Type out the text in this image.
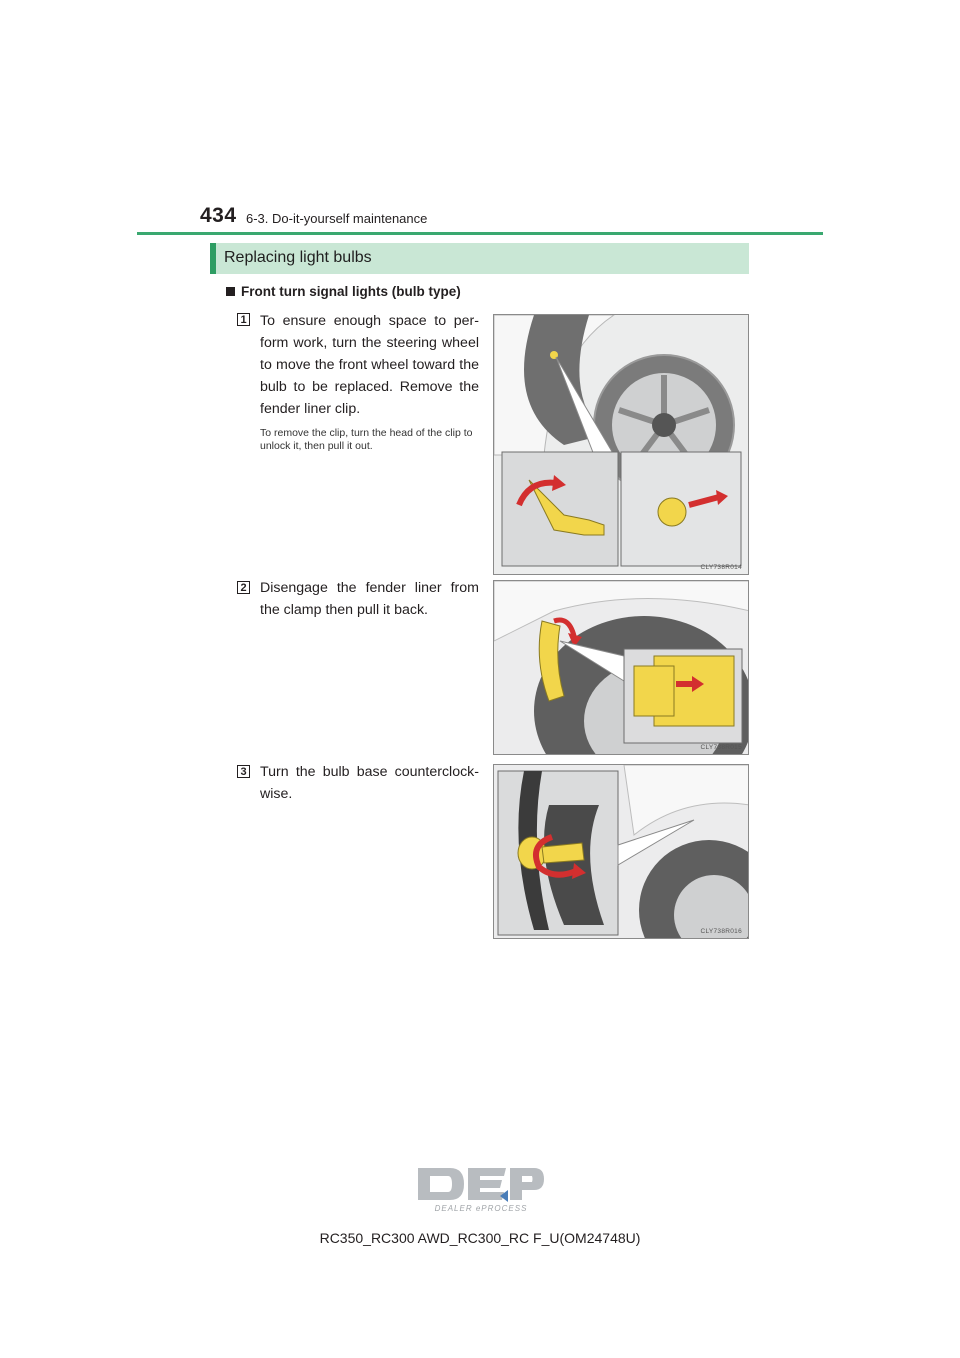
434 6-3. Do-it-yourself maintenance
Replacing light bulbs
Front turn signal lights (bulb type)
1 To ensure enough space to per-form work, turn the steering wheel to move the front wheel toward the bulb to be replaced. Remove the fender liner clip.
To remove the clip, turn the head of the clip to unlock it, then pull it out.
CLY738R014
2 Disengage the fender liner from the clamp then pull it back.
CLY738R015
3 Turn the bulb base counterclock-wise.
CLY738R016
DEALER ePROCESS
RC350_RC300 AWD_RC300_RC F_U(OM24748U)
